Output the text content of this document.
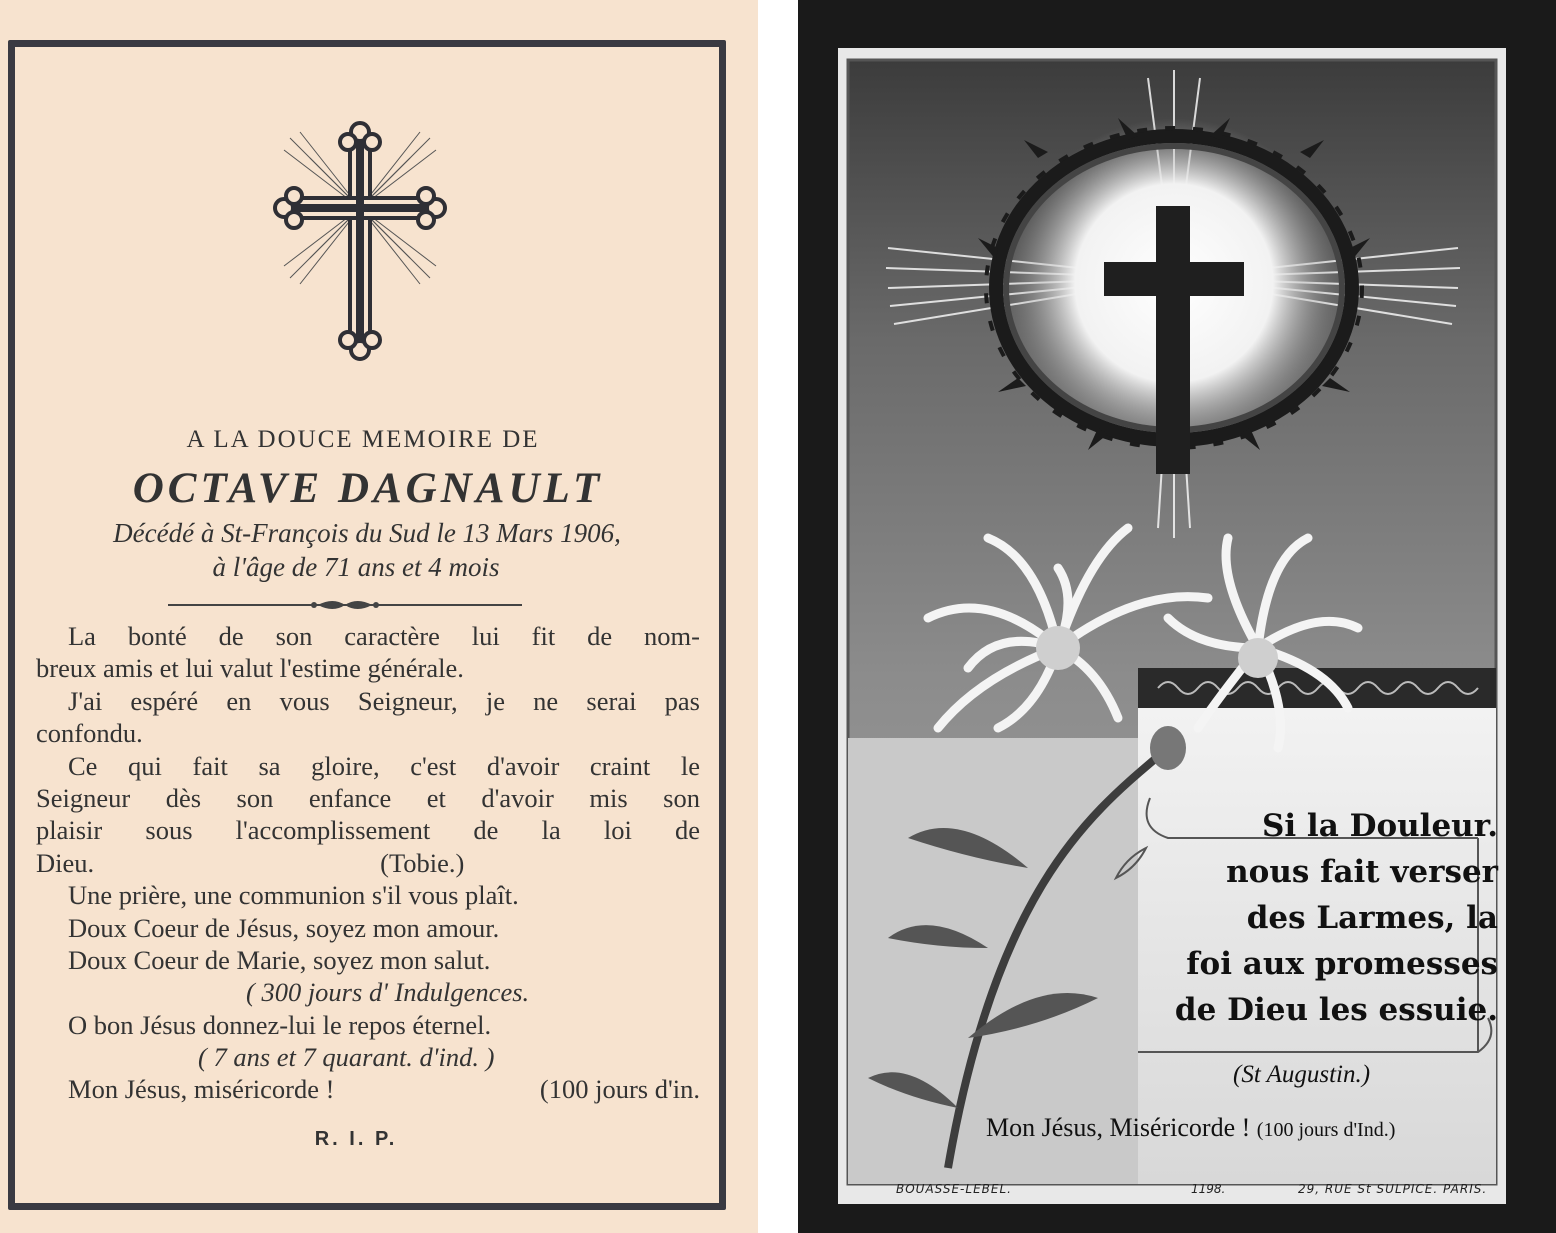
A LA DOUCE MEMOIRE DE
OCTAVE DAGNAULT
Décédé à St-François du Sud le 13 Mars 1906,
à l'âge de 71 ans et 4 mois
La bonté de son caractère lui fit de nom-
breux amis et lui valut l'estime générale.
J'ai espéré en vous Seigneur, je ne serai pas
confondu.
Ce qui fait sa gloire, c'est d'avoir craint le
Seigneur dès son enfance et d'avoir mis son
plaisir sous l'accomplissement de la loi de
Dieu.	(Tobie.)
Une prière, une communion s'il vous plaît.
Doux Coeur de Jésus, soyez mon amour.
Doux Coeur de Marie, soyez mon salut.
( 300 jours d' Indulgences.
O bon Jésus donnez-lui le repos éternel.
( 7 ans et 7 quarant. d'ind. )
Mon Jésus, miséricorde !	(100 jours d'in.
R. I. P.
Si la Douleur.
nous fait verser
des Larmes, la
foi aux promesses
de Dieu les essuie.
(St Augustin.)
Mon Jésus, Miséricorde ! (100 jours d'Ind.)
BOUASSE-LEBEL.	1198.	29, RUE St SULPICE. PARIS.
